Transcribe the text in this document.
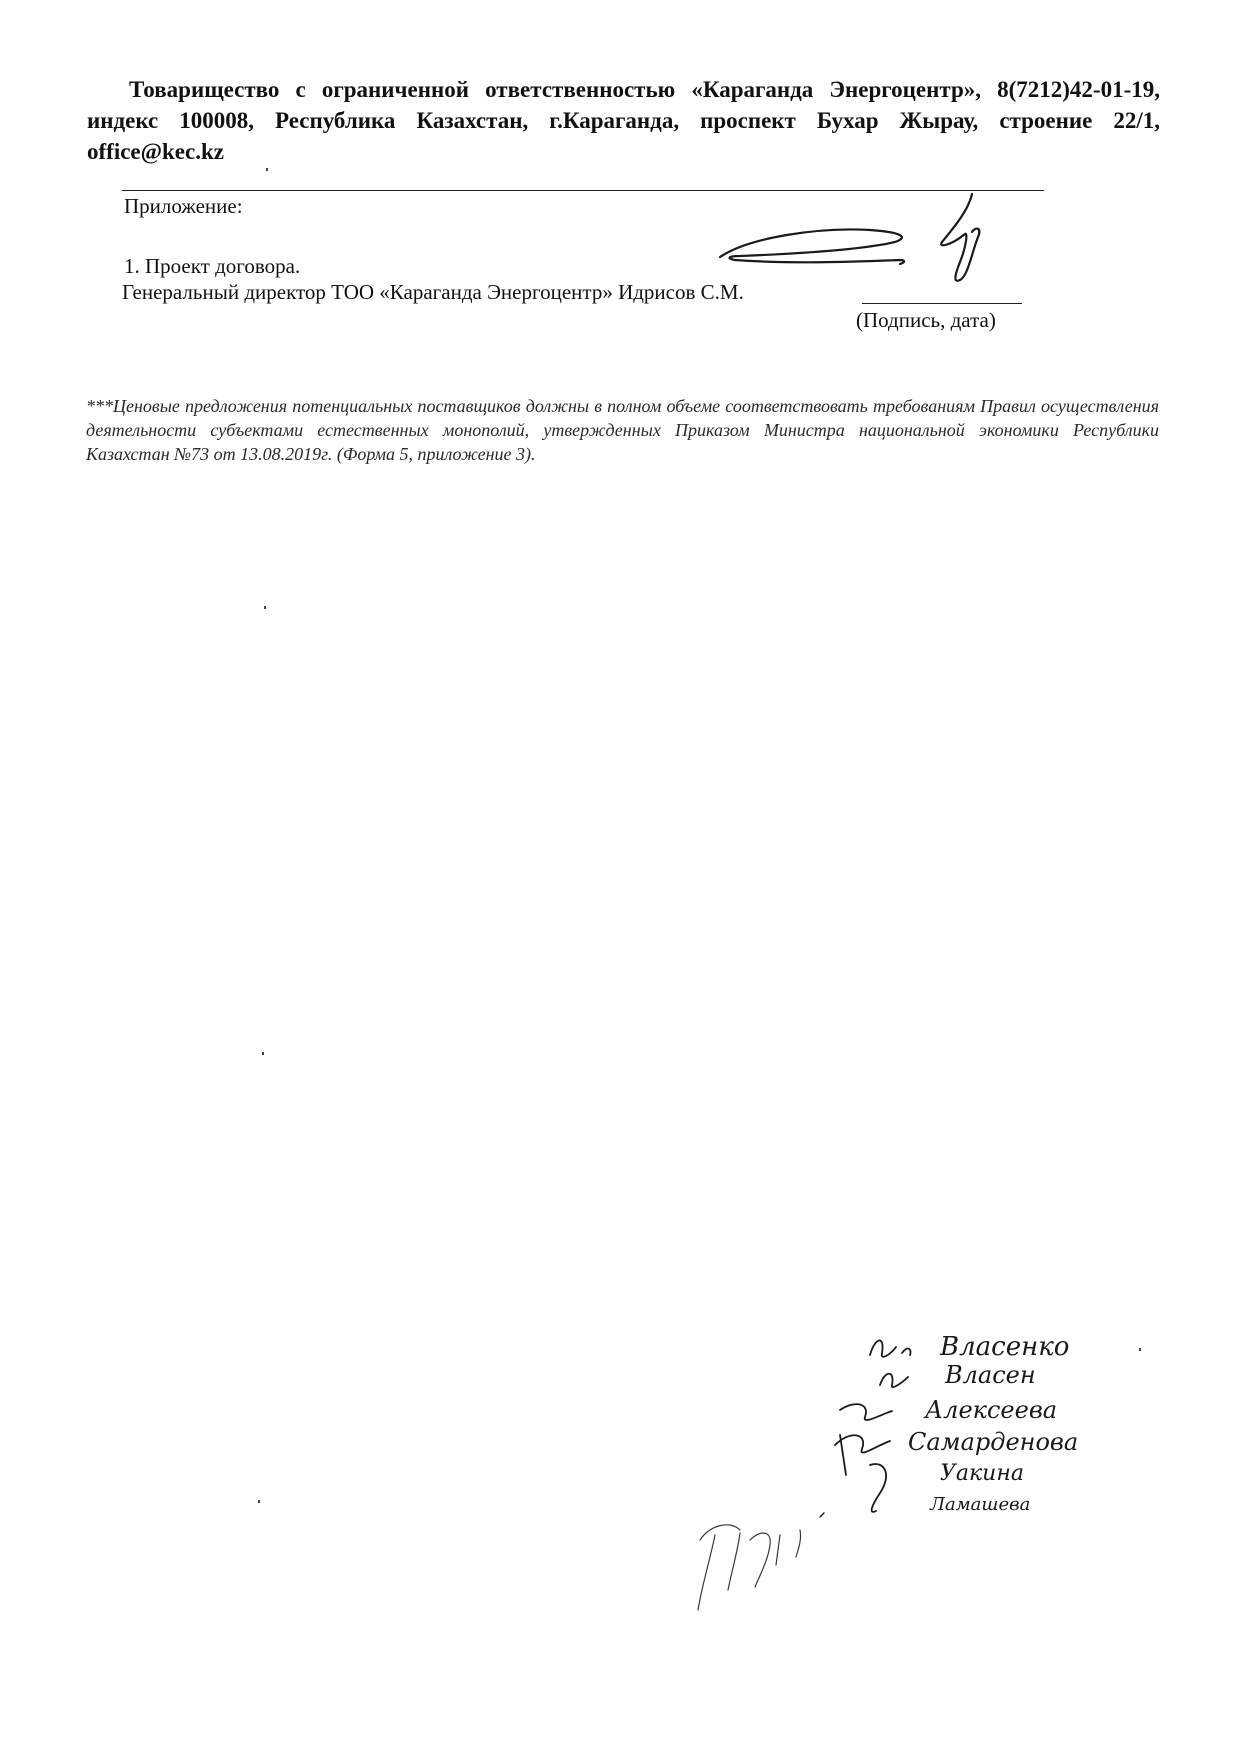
Товарищество с ограниченной ответственностью «Караганда Энергоцентр», 8(7212)42-01-19, индекс 100008, Республика Казахстан, г.Караганда, проспект Бухар Жырау, строение 22/1, office@kec.kz
Приложение:
1. Проект договора.
Генеральный директор ТОО «Караганда Энергоцентр» Идрисов С.М.
(Подпись, дата)
***Ценовые предложения потенциальных поставщиков должны в полном объеме соответствовать требованиям Правил осуществления деятельности субъектами естественных монополий, утвержденных Приказом Министра национальной экономики Республики Казахстан №73 от 13.08.2019г. (Форма 5, приложение 3).
Власенко
Власен
Алексеева
Самарденова
Уакина
Ламашева
